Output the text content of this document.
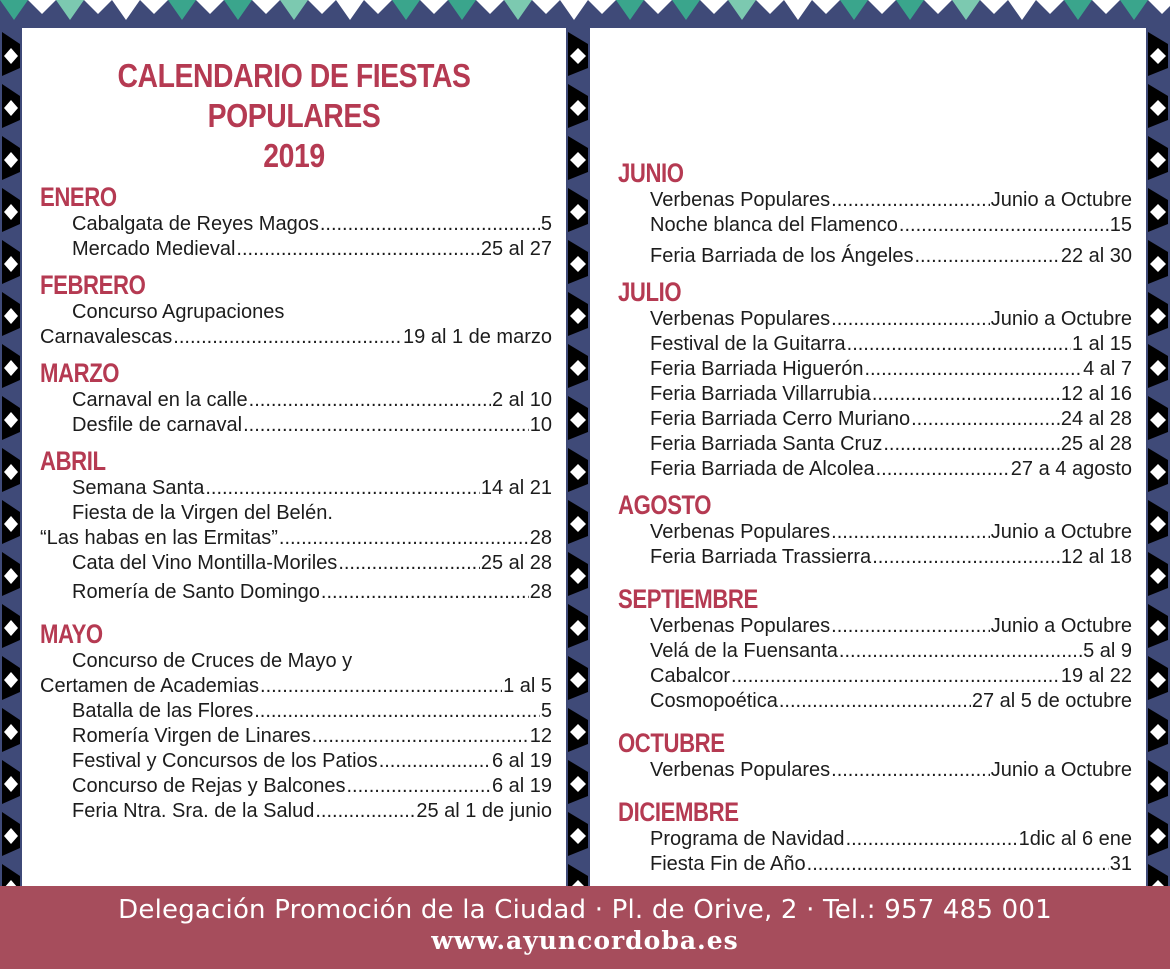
CALENDARIO DE FIESTAS POPULARES
2019
ENERO
Cabalgata de Reyes Magos .....	5
Mercado Medieval .....	25 al 27
FEBRERO
Concurso Agrupaciones
Carnavalescas .....	19 al 1 de marzo
MARZO
Carnaval en la calle .....	2 al 10
Desfile de carnaval .....	10
ABRIL
Semana Santa .....	14 al 21
Fiesta de la Virgen del Belén.
“Las habas en las Ermitas” .....	28
Cata del Vino Montilla-Moriles .....	25 al 28
Romería de Santo Domingo .....	28
MAYO
Concurso de Cruces de Mayo y
Certamen de Academias .....	1 al 5
Batalla de las Flores .....	5
Romería Virgen de Linares .....	12
Festival y Concursos de los Patios .....	6 al 19
Concurso de Rejas y Balcones .....	6 al 19
Feria Ntra. Sra. de la Salud .....	25 al 1 de junio
JUNIO
Verbenas Populares .....	Junio a Octubre
Noche blanca del Flamenco .....	15
Feria Barriada de los Ángeles .....	22 al 30
JULIO
Verbenas Populares .....	Junio a Octubre
Festival de la Guitarra .....	1 al 15
Feria Barriada Higuerón .....	4 al 7
Feria Barriada Villarrubia .....	12 al 16
Feria Barriada Cerro Muriano .....	24 al 28
Feria Barriada Santa Cruz .....	25 al 28
Feria Barriada de Alcolea .....	27 a 4 agosto
AGOSTO
Verbenas Populares .....	Junio a Octubre
Feria Barriada Trassierra .....	12 al 18
SEPTIEMBRE
Verbenas Populares .....	Junio a Octubre
Velá de la Fuensanta .....	5 al 9
Cabalcor .....	19 al 22
Cosmopoética .....	27 al 5 de octubre
OCTUBRE
Verbenas Populares .....	Junio a Octubre
DICIEMBRE
Programa de Navidad .....	1dic al 6 ene
Fiesta Fin de Año .....	31
Delegación Promoción de la Ciudad · Pl. de Orive, 2 · Tel.: 957 485 001
www.ayuncordoba.es
